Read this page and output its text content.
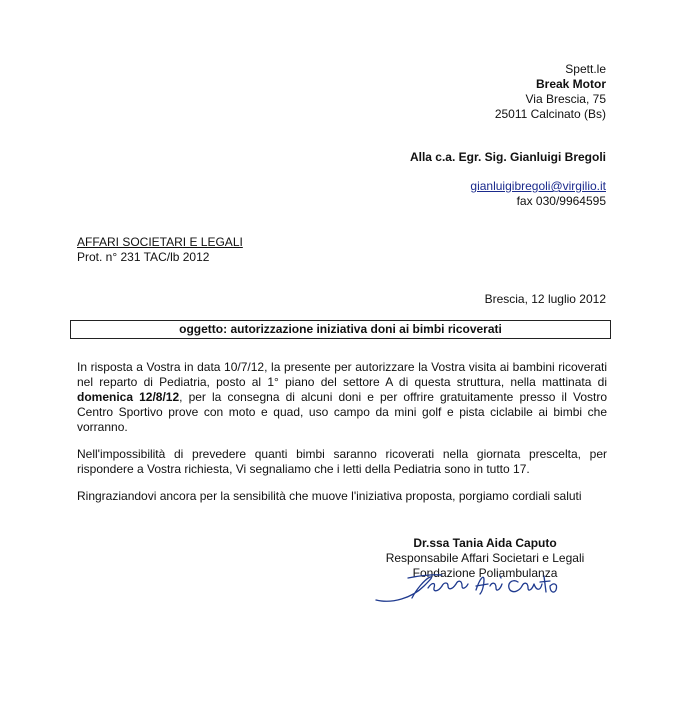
Spett.le
Break Motor
Via Brescia, 75
25011 Calcinato (Bs)
Alla c.a. Egr. Sig. Gianluigi Bregoli
gianluigibregoli@virgilio.it
fax 030/9964595
AFFARI SOCIETARI E LEGALI
Prot. n° 231 TAC/lb 2012
Brescia, 12 luglio 2012
oggetto: autorizzazione iniziativa doni ai bimbi ricoverati
In risposta a Vostra in data 10/7/12, la presente per autorizzare la Vostra visita ai bambini ricoverati nel reparto di Pediatria, posto al 1° piano del settore A di questa struttura, nella mattinata di domenica 12/8/12, per la consegna di alcuni doni e per offrire gratuitamente presso il Vostro Centro Sportivo prove con moto e quad, uso campo da mini golf e pista ciclabile ai bimbi che vorranno.
Nell'impossibilità di prevedere quanti bimbi saranno ricoverati nella giornata prescelta, per rispondere a Vostra richiesta, Vi segnaliamo che i letti della Pediatria sono in tutto 17.
Ringraziandovi ancora per la sensibilità che muove l'iniziativa proposta, porgiamo cordiali saluti
Dr.ssa Tania Aida Caputo
Responsabile Affari Societari e Legali
Fondazione Poliambulanza
